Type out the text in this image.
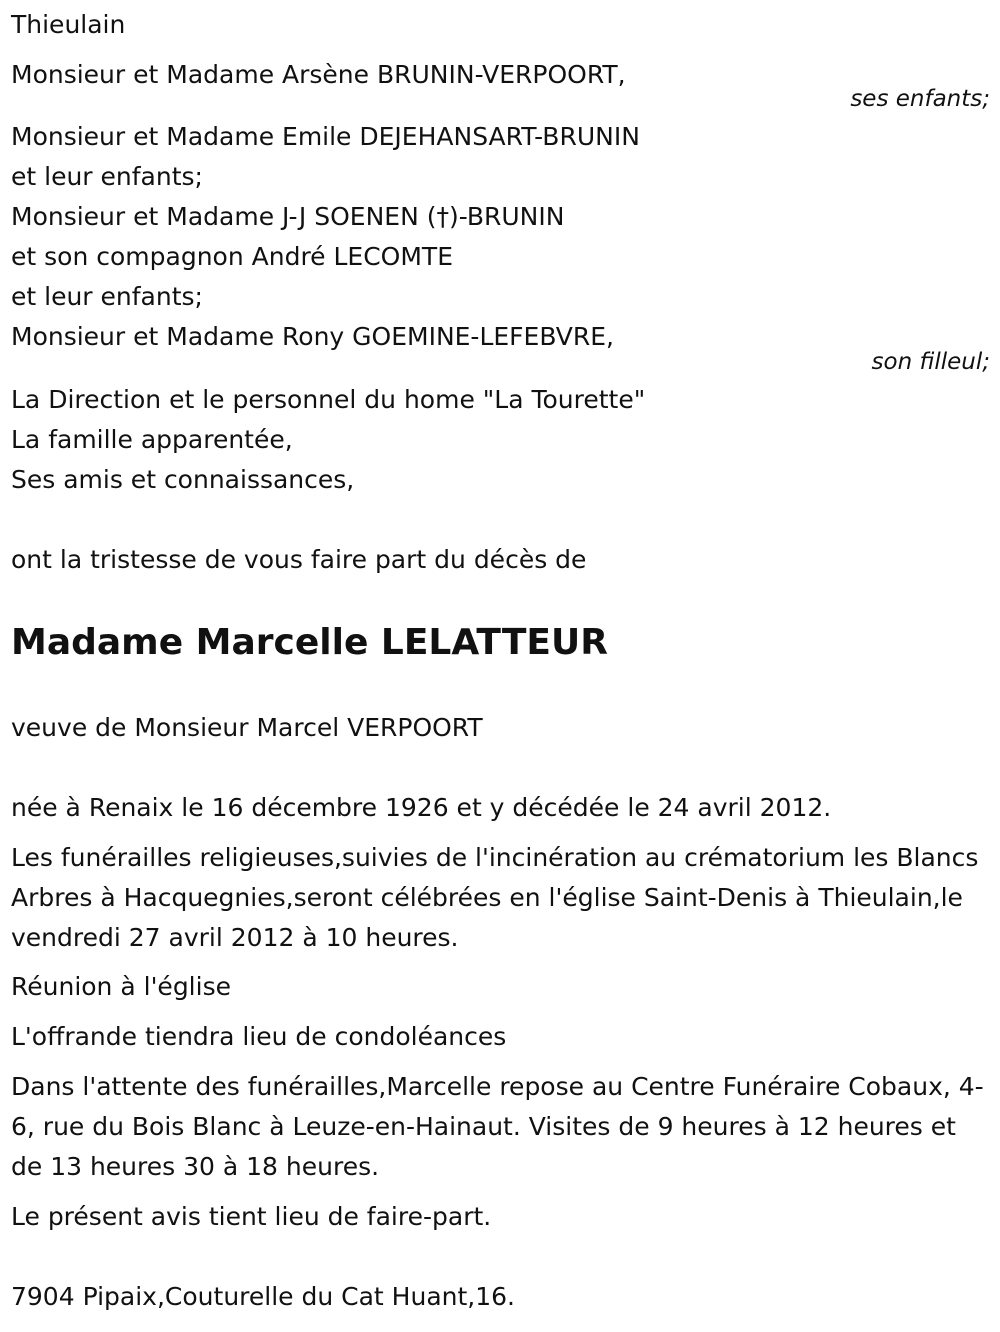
Thieulain

Monsieur et Madame Arsène BRUNIN-VERPOORT,

ses enfants;

Monsieur et Madame Emile DEJEHANSART-BRUNIN

et leur enfants;

Monsieur et Madame J-J SOENEN (†)-BRUNIN

et son compagnon André LECOMTE

et leur enfants;

Monsieur et Madame Rony GOEMINE-LEFEBVRE,

son filleul;

La Direction et le personnel du home "La Tourette"

La famille apparentée,

Ses amis et connaissances,

ont la tristesse de vous faire part du décès de

Madame Marcelle LELATTEUR

veuve de Monsieur Marcel VERPOORT

née à Renaix le 16 décembre 1926 et y décédée le 24 avril 2012.

Les funérailles religieuses,suivies de l'incinération au crématorium les Blancs Arbres à Hacquegnies,seront célébrées en l'église Saint-Denis à Thieulain,le vendredi 27 avril 2012 à 10 heures.

Réunion à l'église

L'offrande tiendra lieu de condoléances

Dans l'attente des funérailles,Marcelle repose au Centre Funéraire Cobaux, 4-6, rue du Bois Blanc à Leuze-en-Hainaut. Visites de 9 heures à 12 heures et de 13 heures 30 à 18 heures.

Le présent avis tient lieu de faire-part.

7904 Pipaix,Couturelle du Cat Huant,16.
